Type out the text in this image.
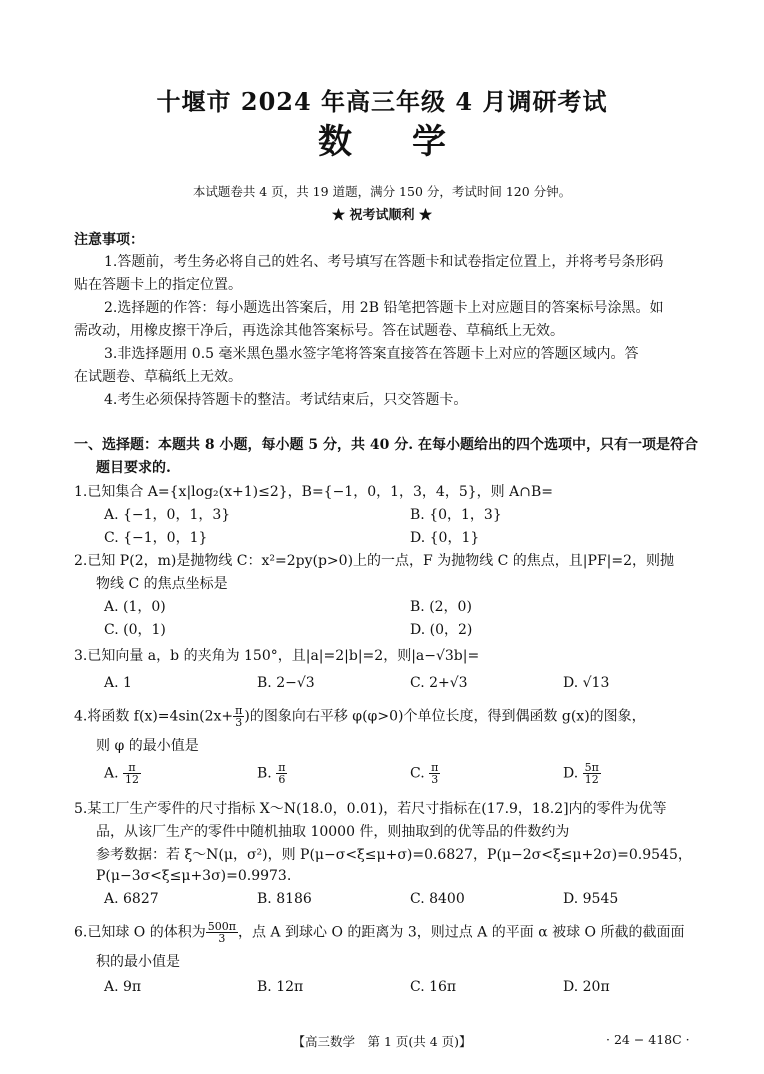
十堰市 2024 年高三年级 4 月调研考试
数学
本试题卷共 4 页，共 19 道题，满分 150 分，考试时间 120 分钟。
★ 祝考试顺利 ★
注意事项：
1.答题前，考生务必将自己的姓名、考号填写在答题卡和试卷指定位置上，并将考号条形码
贴在答题卡上的指定位置。
2.选择题的作答：每小题选出答案后，用 2B 铅笔把答题卡上对应题目的答案标号涂黑。如
需改动，用橡皮擦干净后，再选涂其他答案标号。答在试题卷、草稿纸上无效。
3.非选择题用 0.5 毫米黑色墨水签字笔将答案直接答在答题卡上对应的答题区域内。答
在试题卷、草稿纸上无效。
4.考生必须保持答题卡的整洁。考试结束后，只交答题卡。
一、选择题：本题共 8 小题，每小题 5 分，共 40 分. 在每小题给出的四个选项中，只有一项是符合
题目要求的.
1.已知集合 A={x|log₂(x+1)≤2}，B={−1，0，1，3，4，5}，则 A∩B=
A. {−1，0，1，3}	B. {0，1，3}
C. {−1，0，1}	D. {0，1}
2.已知 P(2，m)是抛物线 C：x²=2py(p>0)上的一点，F 为抛物线 C 的焦点，且|PF|=2，则抛
物线 C 的焦点坐标是
A. (1，0)	B. (2，0)
C. (0，1)	D. (0，2)
3.已知向量 a，b 的夹角为 150°，且|a|=2|b|=2，则|a−√3b|=
A. 1	B. 2−√3	C. 2+√3	D. √13
4.将函数 $f(x)=4\sin(2x+ \frac{\pi}{3}$ )的图象向右平移 φ(φ>0)个单位长度，得到偶函数 g(x)的图象，
则 φ 的最小值是
A. $\frac{\pi}{12}$	B. $\frac{\pi}{6}$	C. $\frac{\pi}{3}$	D. $\frac{5\pi}{12}$
5.某工厂生产零件的尺寸指标 X～N(18.0，0.01)，若尺寸指标在(17.9，18.2]内的零件为优等
品，从该厂生产的零件中随机抽取 10000 件，则抽取到的优等品的件数约为
参考数据：若 ξ～N(μ，σ²)，则 P(μ−σ<ξ≤μ+σ)=0.6827，P(μ−2σ<ξ≤μ+2σ)=0.9545，
P(μ−3σ<ξ≤μ+3σ)=0.9973.
A. 6827	B. 8186	C. 8400	D. 9545
6.已知球 O 的体积为 $\frac{500\pi}{3}$ ，点 A 到球心 O 的距离为 3，则过点 A 的平面 α 被球 O 所截的截面面
积的最小值是
A. 9π	B. 12π	C. 16π	D. 20π
【高三数学　第 1 页(共 4 页)】	· 24 − 418C ·
